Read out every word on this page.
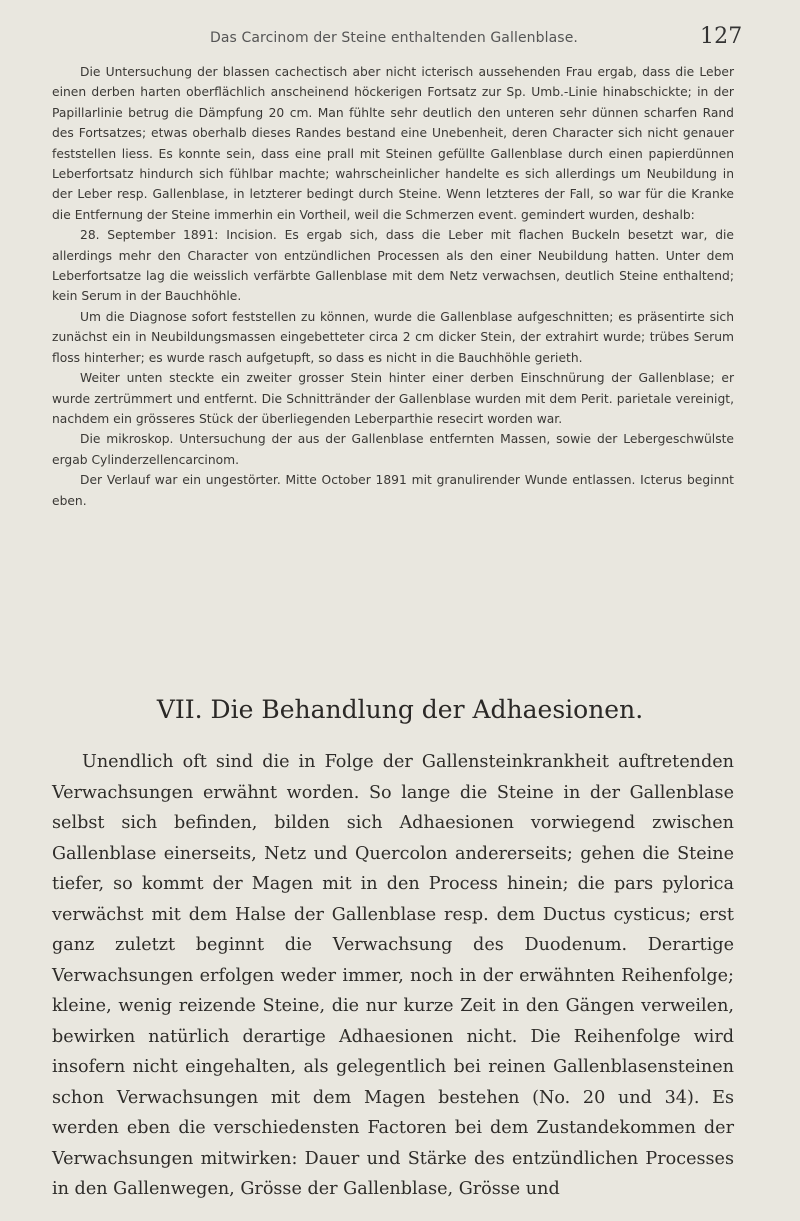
Das Carcinom der Steine enthaltenden Gallenblase.	127

Die Untersuchung der blassen cachectisch aber nicht icterisch aussehenden Frau ergab, dass die Leber einen derben harten oberflächlich anscheinend höckerigen Fortsatz zur Sp. Umb.-Linie hinabschickte; in der Papillarlinie betrug die Dämpfung 20 cm. Man fühlte sehr deutlich den unteren sehr dünnen scharfen Rand des Fortsatzes; etwas oberhalb dieses Randes bestand eine Unebenheit, deren Character sich nicht genauer feststellen liess. Es konnte sein, dass eine prall mit Steinen gefüllte Gallenblase durch einen papierdünnen Leberfortsatz hindurch sich fühlbar machte; wahrscheinlicher handelte es sich allerdings um Neubildung in der Leber resp. Gallenblase, in letzterer bedingt durch Steine. Wenn letzteres der Fall, so war für die Kranke die Entfernung der Steine immerhin ein Vortheil, weil die Schmerzen event. gemindert wurden, deshalb:

28. September 1891: Incision. Es ergab sich, dass die Leber mit flachen Buckeln besetzt war, die allerdings mehr den Character von entzündlichen Processen als den einer Neubildung hatten. Unter dem Leberfortsatze lag die weisslich verfärbte Gallenblase mit dem Netz verwachsen, deutlich Steine enthaltend; kein Serum in der Bauchhöhle.

Um die Diagnose sofort feststellen zu können, wurde die Gallenblase aufgeschnitten; es präsentirte sich zunächst ein in Neubildungsmassen eingebetteter circa 2 cm dicker Stein, der extrahirt wurde; trübes Serum floss hinterher; es wurde rasch aufgetupft, so dass es nicht in die Bauchhöhle gerieth.

Weiter unten steckte ein zweiter grosser Stein hinter einer derben Einschnürung der Gallenblase; er wurde zertrümmert und entfernt. Die Schnittränder der Gallenblase wurden mit dem Perit. parietale vereinigt, nachdem ein grösseres Stück der überliegenden Leberparthie resecirt worden war.

Die mikroskop. Untersuchung der aus der Gallenblase entfernten Massen, sowie der Lebergeschwülste ergab Cylinderzellencarcinom.

Der Verlauf war ein ungestörter. Mitte October 1891 mit granulirender Wunde entlassen. Icterus beginnt eben.

VII. Die Behandlung der Adhaesionen.

Unendlich oft sind die in Folge der Gallensteinkrankheit auftretenden Verwachsungen erwähnt worden. So lange die Steine in der Gallenblase selbst sich befinden, bilden sich Adhaesionen vorwiegend zwischen Gallenblase einerseits, Netz und Quercolon andererseits; gehen die Steine tiefer, so kommt der Magen mit in den Process hinein; die pars pylorica verwächst mit dem Halse der Gallenblase resp. dem Ductus cysticus; erst ganz zuletzt beginnt die Verwachsung des Duodenum. Derartige Verwachsungen erfolgen weder immer, noch in der erwähnten Reihenfolge; kleine, wenig reizende Steine, die nur kurze Zeit in den Gängen verweilen, bewirken natürlich derartige Adhaesionen nicht. Die Reihenfolge wird insofern nicht eingehalten, als gelegentlich bei reinen Gallenblasensteinen schon Verwachsungen mit dem Magen bestehen (No. 20 und 34). Es werden eben die verschiedensten Factoren bei dem Zustandekommen der Verwachsungen mitwirken: Dauer und Stärke des entzündlichen Processes in den Gallenwegen, Grösse der Gallenblase, Grösse und
